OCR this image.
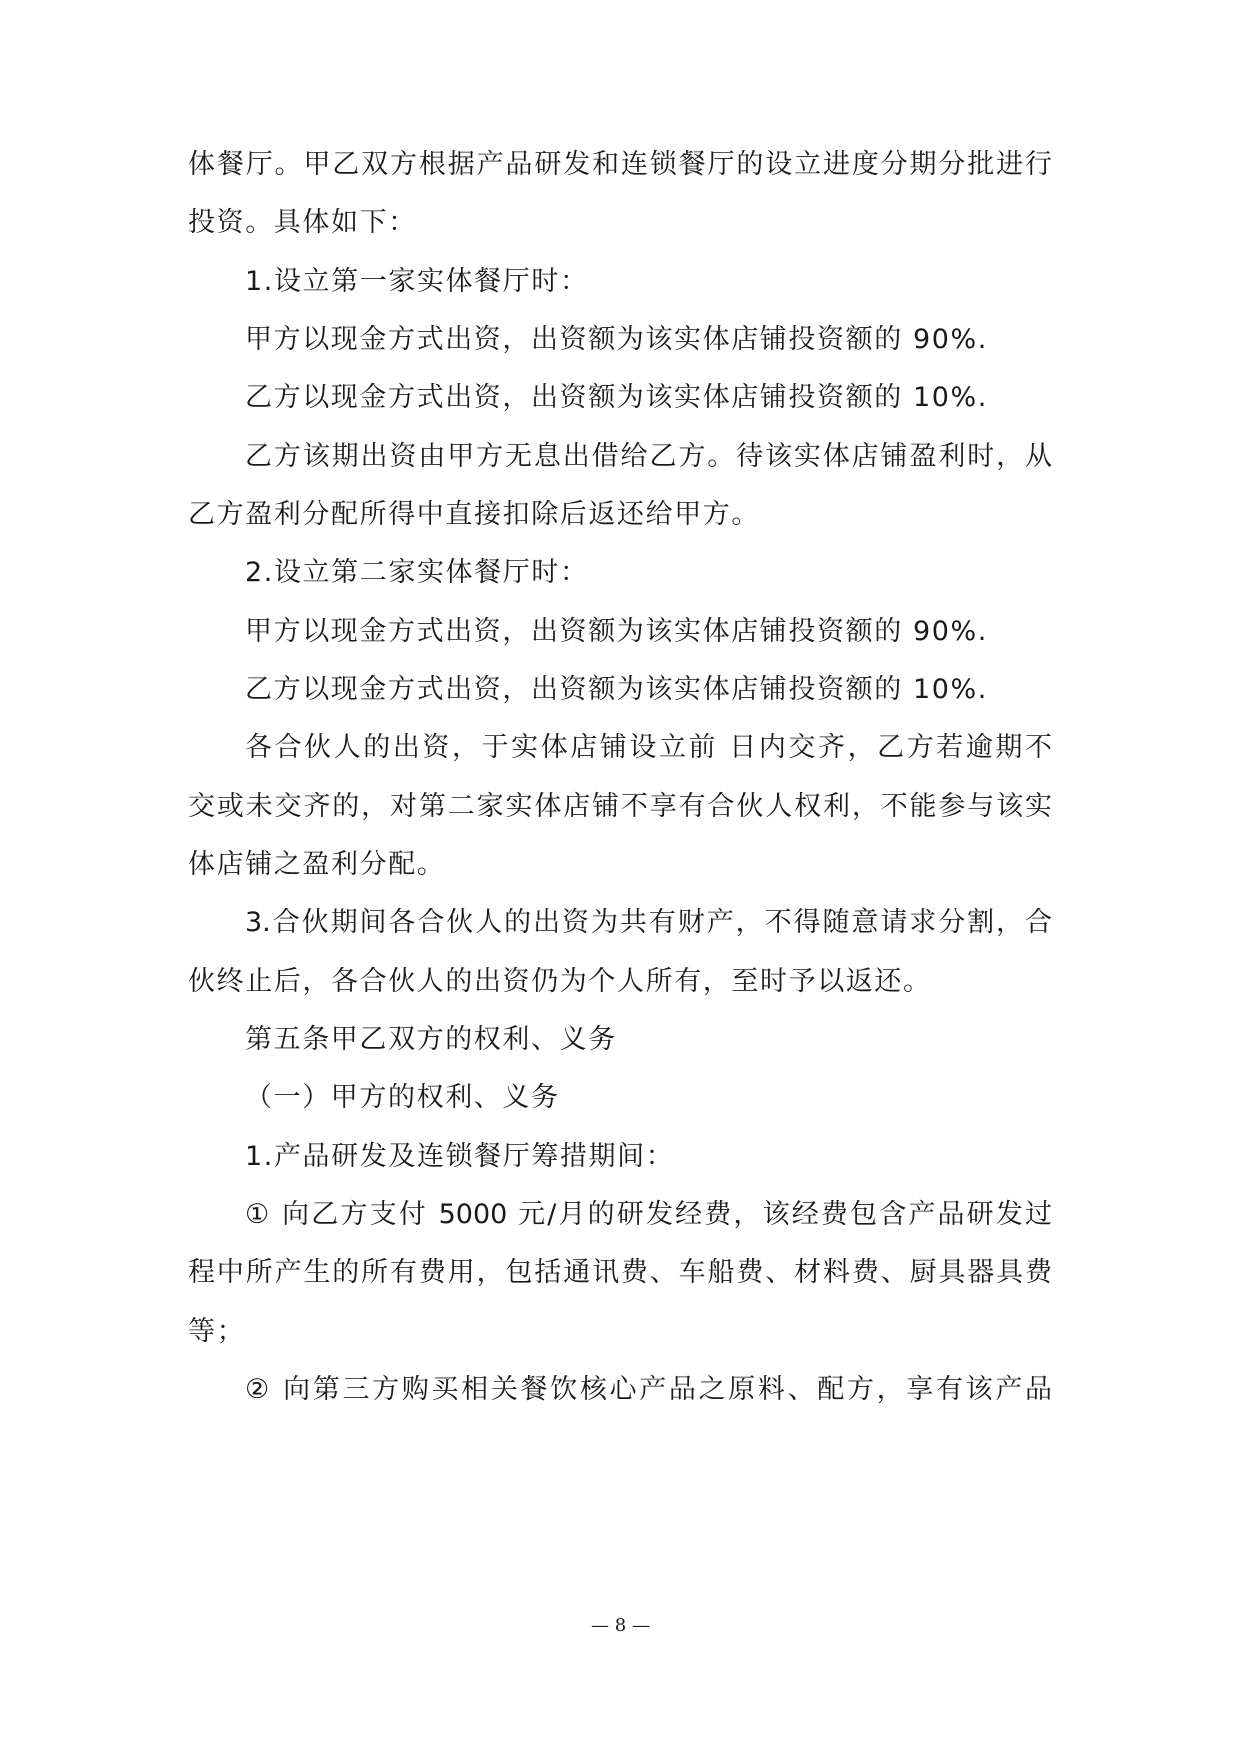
体餐厅。甲乙双方根据产品研发和连锁餐厅的设立进度分期分批进行
投资。具体如下：
1.设立第一家实体餐厅时：
甲方以现金方式出资，出资额为该实体店铺投资额的 90%.
乙方以现金方式出资，出资额为该实体店铺投资额的 10%.
乙方该期出资由甲方无息出借给乙方。待该实体店铺盈利时，从
乙方盈利分配所得中直接扣除后返还给甲方。
2.设立第二家实体餐厅时：
甲方以现金方式出资，出资额为该实体店铺投资额的 90%.
乙方以现金方式出资，出资额为该实体店铺投资额的 10%.
各合伙人的出资，于实体店铺设立前 日内交齐，乙方若逾期不
交或未交齐的，对第二家实体店铺不享有合伙人权利，不能参与该实
体店铺之盈利分配。
3.合伙期间各合伙人的出资为共有财产，不得随意请求分割，合
伙终止后，各合伙人的出资仍为个人所有，至时予以返还。
第五条甲乙双方的权利、义务
（一）甲方的权利、义务
1.产品研发及连锁餐厅筹措期间：
① 向乙方支付 5000 元/月的研发经费，该经费包含产品研发过
程中所产生的所有费用，包括通讯费、车船费、材料费、厨具器具费
等；
② 向第三方购买相关餐饮核心产品之原料、配方，享有该产品
— 8 —
